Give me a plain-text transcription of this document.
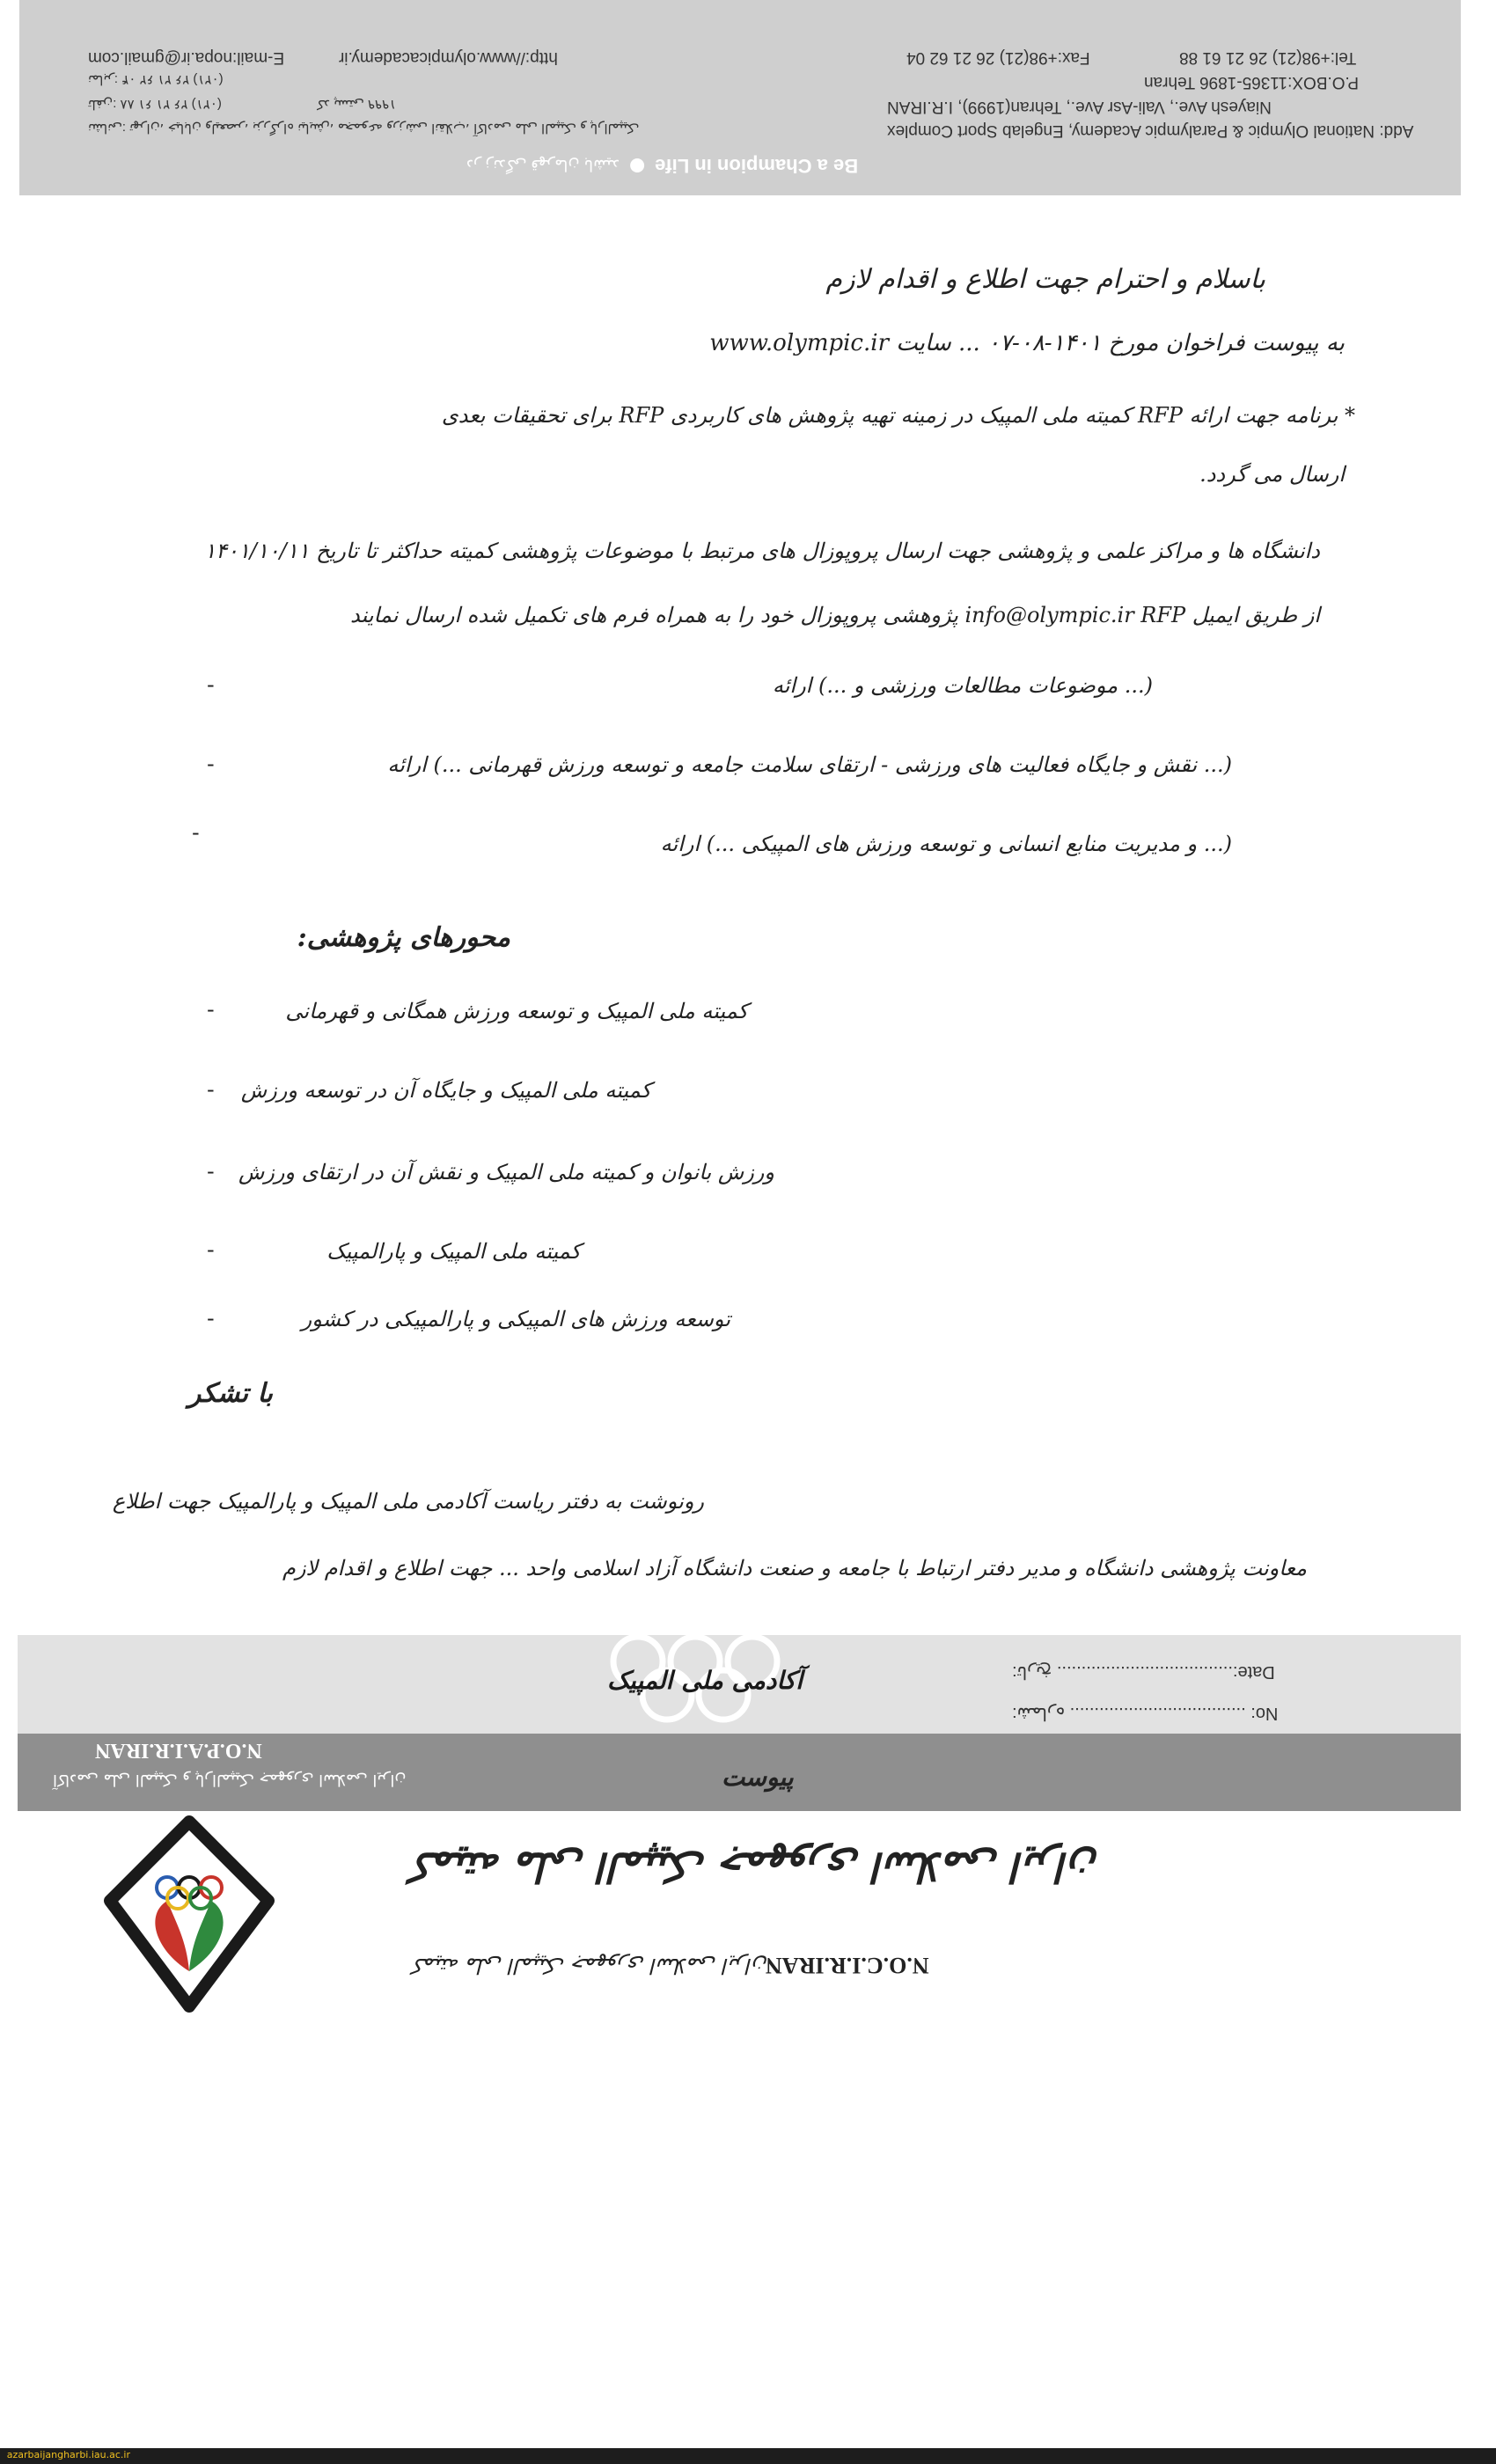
Add: National Olympic & Paralympic Academy, Engelab Sport Complex
Niayesh Ave., Vali-Asr Ave., Tehran(1999), I.R.IRAN
P.O.BOX:11365-1896 Tehran
Tel:+98(21) 26 21 61 88
Fax:+98(21) 26 21 62 04
http://www.olympicacademy.ir
E-mail:nopa.ir@gmail.com
نشانی: تهران، خیابان ولیعصر، بزرگراه نیایش، مجموعه ورزشی انقلاب، آکادمی ملی المپیک و پارالمپیک
کد پستی ۱۹۹۹
تلفن: ۸۸ ۶۱ ۲۱ ۲۶ (۰۲۱)
نمابر: ۰۴ ۶۲ ۲۱ ۲۶ (۰۲۱)
Be a Champion in Life
در زندگی قهرمان باشید
باسلام و احترام جهت اطلاع و اقدام لازم
به پیوست فراخوان مورخ ۱۴۰۱-۰۸-۰۷ ... سایت www.olympic.ir
* برنامه جهت ارائه RFP کمیته ملی المپیک در زمینه تهیه پژوهش های کاربردی RFP برای تحقیقات بعدی
ارسال می گردد.
دانشگاه ها و مراکز علمی و پژوهشی جهت ارسال پروپوزال های مرتبط با موضوعات پژوهشی کمیته حداکثر تا تاریخ ۱۴۰۱/۱۰/۱۱
از طریق ایمیل info@olympic.ir RFP پژوهشی پروپوزال خود را به همراه فرم های تکمیل شده ارسال نمایند
(... موضوعات مطالعات ورزشی و ...) ارائه
-
(... نقش و جایگاه فعالیت های ورزشی - ارتقای سلامت جامعه و توسعه ورزش قهرمانی ...) ارائه
-
(... و مدیریت منابع انسانی و توسعه ورزش های المپیکی ...) ارائه
-
محورهای پژوهشی:
کمیته ملی المپیک و توسعه ورزش همگانی و قهرمانی
-
کمیته ملی المپیک و جایگاه آن در توسعه ورزش
-
ورزش بانوان و کمیته ملی المپیک و نقش آن در ارتقای ورزش
-
کمیته ملی المپیک و پارالمپیک
-
توسعه ورزش های المپیکی و پارالمپیکی در کشور
-
با تشکر
رونوشت به دفتر ریاست آکادمی ملی المپیک و پارالمپیک جهت اطلاع
معاونت پژوهشی دانشگاه و مدیر دفتر ارتباط با جامعه و صنعت دانشگاه آزاد اسلامی واحد ... جهت اطلاع و اقدام لازم
آکادمی ملی المپیک	Date:.................................... تاریخ:
No: .................................... شماره:
N.O.P.A.I.R.IRAN
آکادمی ملی المپیک و پارالمپیک جمهوری اسلامی ایران	پیوست
کمیته ملی المپیک جمهوری اسلامی ایران
N.O.C.I.R.IRAN
کمیته ملی المپیک جمهوری اسلامی ایران
azarbaijangharbi.iau.ac.ir
